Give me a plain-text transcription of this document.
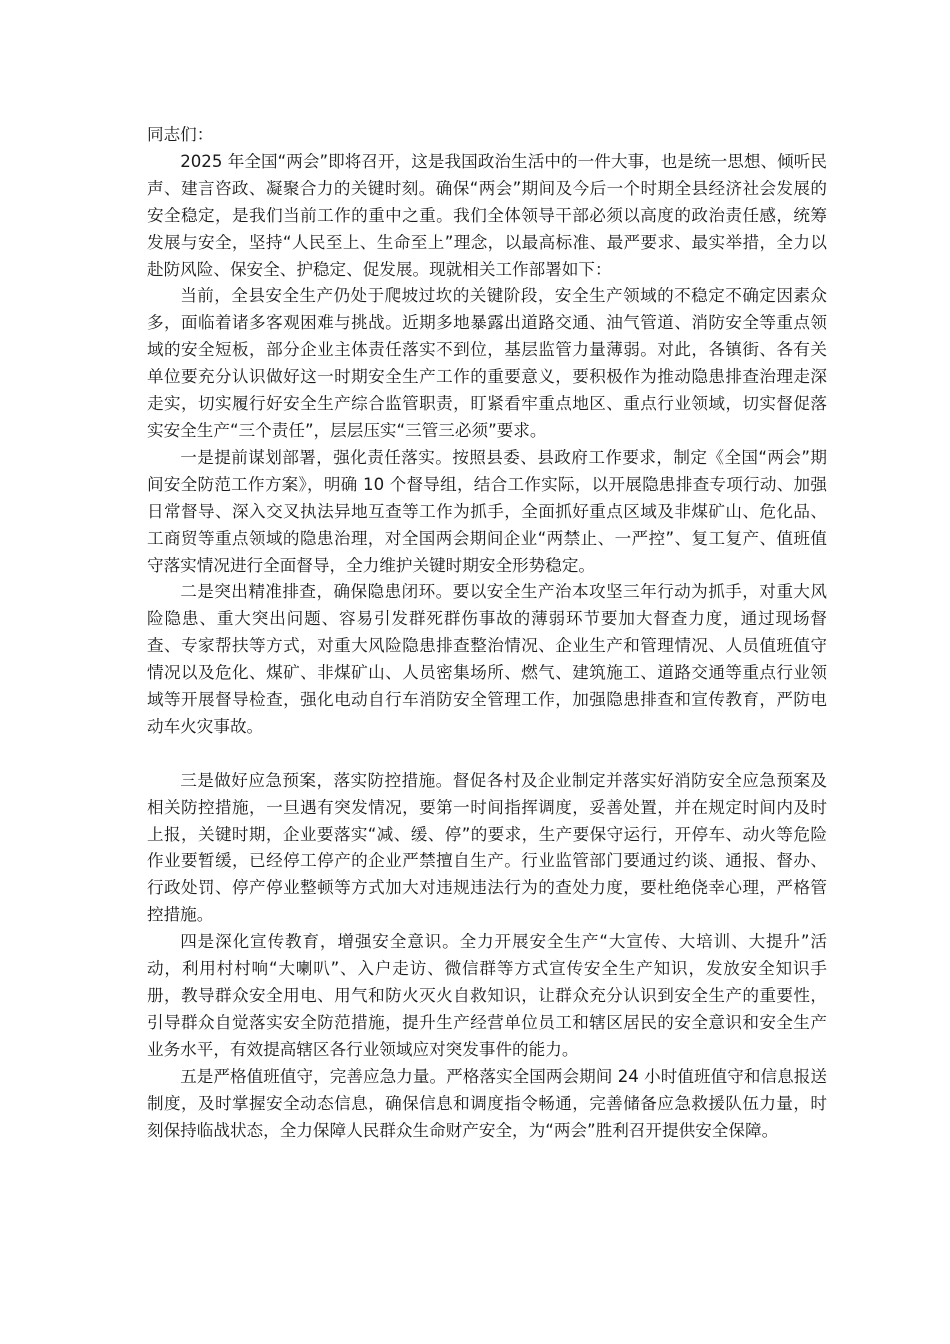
同志们：

2025 年全国“两会”即将召开，这是我国政治生活中的一件大事，也是统一思想、倾听民声、建言咨政、凝聚合力的关键时刻。确保“两会”期间及今后一个时期全县经济社会发展的安全稳定，是我们当前工作的重中之重。我们全体领导干部必须以高度的政治责任感，统筹发展与安全，坚持“人民至上、生命至上”理念，以最高标准、最严要求、最实举措，全力以赴防风险、保安全、护稳定、促发展。现就相关工作部署如下：

当前，全县安全生产仍处于爬坡过坎的关键阶段，安全生产领域的不稳定不确定因素众多，面临着诸多客观困难与挑战。近期多地暴露出道路交通、油气管道、消防安全等重点领域的安全短板，部分企业主体责任落实不到位，基层监管力量薄弱。对此，各镇街、各有关单位要充分认识做好这一时期安全生产工作的重要意义，要积极作为推动隐患排查治理走深走实，切实履行好安全生产综合监管职责，盯紧看牢重点地区、重点行业领域，切实督促落实安全生产“三个责任”，层层压实“三管三必须”要求。

一是提前谋划部署，强化责任落实。按照县委、县政府工作要求，制定《全国“两会”期间安全防范工作方案》，明确 10 个督导组，结合工作实际，以开展隐患排查专项行动、加强日常督导、深入交叉执法异地互查等工作为抓手，全面抓好重点区域及非煤矿山、危化品、工商贸等重点领域的隐患治理，对全国两会期间企业“两禁止、一严控”、复工复产、值班值守落实情况进行全面督导，全力维护关键时期安全形势稳定。

二是突出精准排查，确保隐患闭环。要以安全生产治本攻坚三年行动为抓手，对重大风险隐患、重大突出问题、容易引发群死群伤事故的薄弱环节要加大督查力度，通过现场督查、专家帮扶等方式，对重大风险隐患排查整治情况、企业生产和管理情况、人员值班值守情况以及危化、煤矿、非煤矿山、人员密集场所、燃气、建筑施工、道路交通等重点行业领域等开展督导检查，强化电动自行车消防安全管理工作，加强隐患排查和宣传教育，严防电动车火灾事故。

三是做好应急预案，落实防控措施。督促各村及企业制定并落实好消防安全应急预案及相关防控措施，一旦遇有突发情况，要第一时间指挥调度，妥善处置，并在规定时间内及时上报，关键时期，企业要落实“减、缓、停”的要求，生产要保守运行，开停车、动火等危险作业要暂缓，已经停工停产的企业严禁擅自生产。行业监管部门要通过约谈、通报、督办、行政处罚、停产停业整顿等方式加大对违规违法行为的查处力度，要杜绝侥幸心理，严格管控措施。

四是深化宣传教育，增强安全意识。全力开展安全生产“大宣传、大培训、大提升”活动，利用村村响“大喇叭”、入户走访、微信群等方式宣传安全生产知识，发放安全知识手册，教导群众安全用电、用气和防火灭火自救知识，让群众充分认识到安全生产的重要性，引导群众自觉落实安全防范措施，提升生产经营单位员工和辖区居民的安全意识和安全生产业务水平，有效提高辖区各行业领域应对突发事件的能力。

五是严格值班值守，完善应急力量。严格落实全国两会期间 24 小时值班值守和信息报送制度，及时掌握安全动态信息，确保信息和调度指令畅通，完善储备应急救援队伍力量，时刻保持临战状态，全力保障人民群众生命财产安全，为“两会”胜利召开提供安全保障。
